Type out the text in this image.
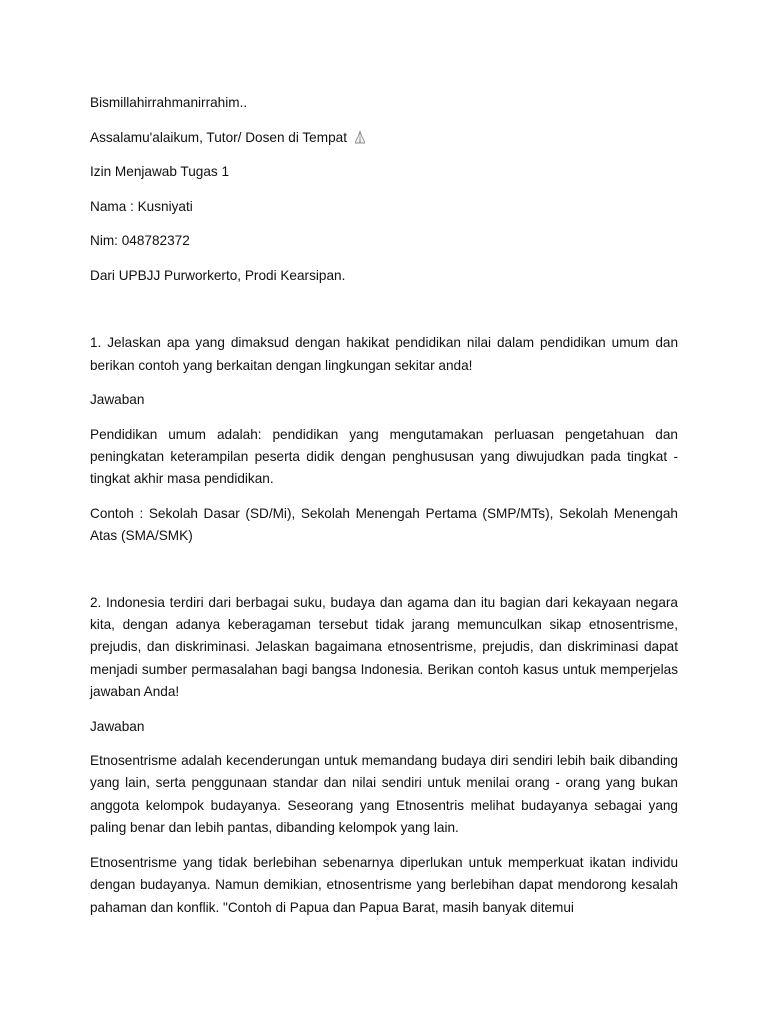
Bismillahirrahmanirrahim..

Assalamu'alaikum, Tutor/ Dosen di Tempat

Izin Menjawab Tugas 1

Nama : Kusniyati

Nim: 048782372

Dari UPBJJ Purworkerto, Prodi Kearsipan.

1. Jelaskan apa yang dimaksud dengan hakikat pendidikan nilai dalam pendidikan umum dan berikan contoh yang berkaitan dengan lingkungan sekitar anda!

Jawaban

Pendidikan umum adalah: pendidikan yang mengutamakan perluasan pengetahuan dan peningkatan keterampilan peserta didik dengan penghususan yang diwujudkan pada tingkat - tingkat akhir masa pendidikan.

Contoh : Sekolah Dasar (SD/Mi), Sekolah Menengah Pertama (SMP/MTs), Sekolah Menengah Atas (SMA/SMK)

2. Indonesia terdiri dari berbagai suku, budaya dan agama dan itu bagian dari kekayaan negara kita, dengan adanya keberagaman tersebut tidak jarang memunculkan sikap etnosentrisme, prejudis, dan diskriminasi. Jelaskan bagaimana etnosentrisme, prejudis, dan diskriminasi dapat menjadi sumber permasalahan bagi bangsa Indonesia. Berikan contoh kasus untuk memperjelas jawaban Anda!

Jawaban

Etnosentrisme adalah kecenderungan untuk memandang budaya diri sendiri lebih baik dibanding yang lain, serta penggunaan standar dan nilai sendiri untuk menilai orang - orang yang bukan anggota kelompok budayanya. Seseorang yang Etnosentris melihat budayanya sebagai yang paling benar dan lebih pantas, dibanding kelompok yang lain.

Etnosentrisme yang tidak berlebihan sebenarnya diperlukan untuk memperkuat ikatan individu dengan budayanya. Namun demikian, etnosentrisme yang berlebihan dapat mendorong kesalah pahaman dan konflik. "Contoh di Papua dan Papua Barat, masih banyak ditemui
